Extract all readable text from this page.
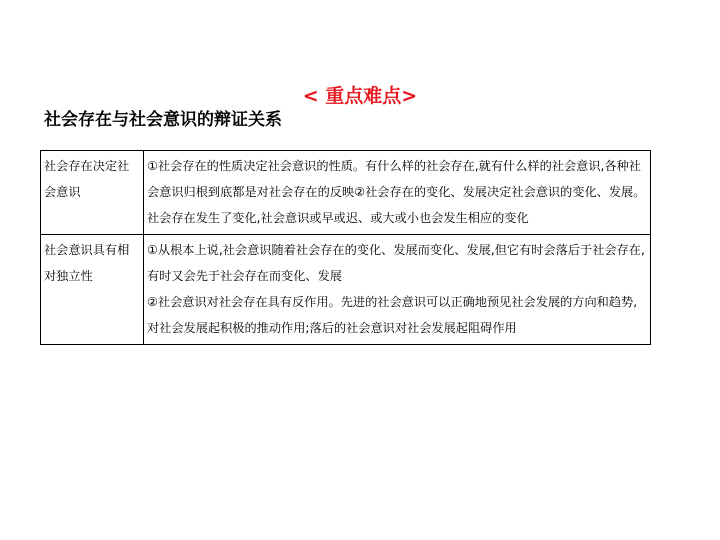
< 重点难点>
社会存在与社会意识的辩证关系
社会存在决定社会意识	①社会存在的性质决定社会意识的性质。有什么样的社会存在,就有什么样的社会意识,各种社会意识归根到底都是对社会存在的反映②社会存在的变化、发展决定社会意识的变化、发展。社会存在发生了变化,社会意识或早或迟、或大或小也会发生相应的变化

社会意识具有相对独立性	①从根本上说,社会意识随着社会存在的变化、发展而变化、发展,但它有时会落后于社会存在,有时又会先于社会存在而变化、发展
②社会意识对社会存在具有反作用。先进的社会意识可以正确地预见社会发展的方向和趋势,对社会发展起积极的推动作用;落后的社会意识对社会发展起阻碍作用
